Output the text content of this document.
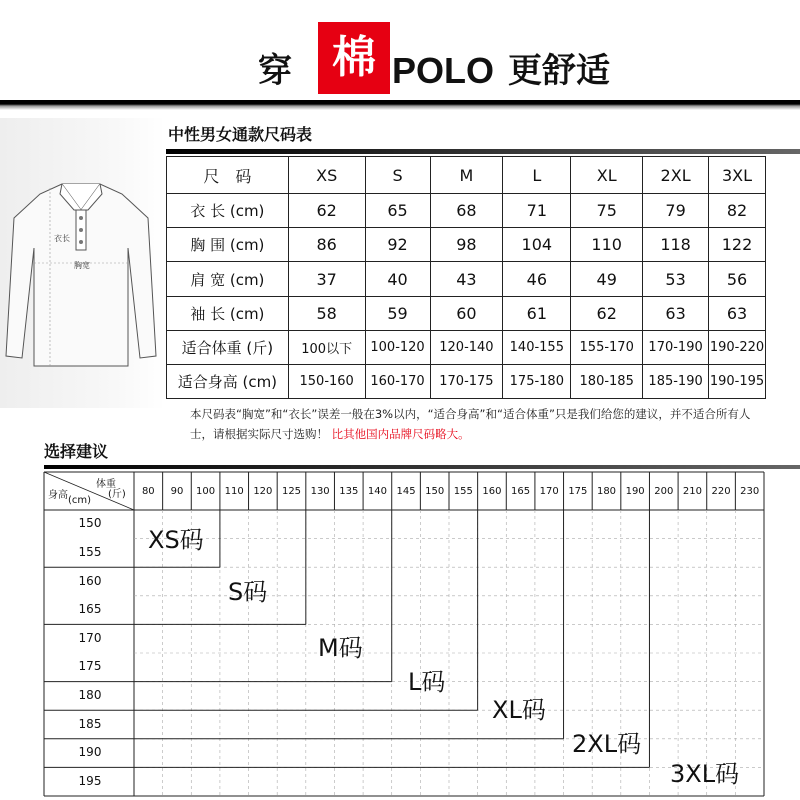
穿 棉 POLO 更舒适
衣长
胸宽
中性男女通款尺码表
尺　码	XS	S	M	L	XL	2XL	3XL
衣 长 (cm)	62	65	68	71	75	79	82
胸 围 (cm)	86	92	98	104	110	118	122
肩 宽 (cm)	37	40	43	46	49	53	56
袖 长 (cm)	58	59	60	61	62	63	63
适合体重 (斤)	100以下	100-120	120-140	140-155	155-170	170-190	190-220
适合身高 (cm)	150-160	160-170	170-175	175-180	180-185	185-190	190-195
本尺码表“胸宽”和“衣长”误差一般在3%以内，“适合身高”和“适合体重”只是我们给您的建议，并不适合所有人士，请根据实际尺寸选购！ 比其他国内品牌尺码略大。
选择建议
体重
(斤)
身高 (cm)
80	90	100 110 120 125 130 135 140 145 150 155 160 165 170 175 180 190 200 210 220 230
150
155
160
165
170
175
180
185
190
195
XS码
S码
M码
L码
XL码
2XL码
3XL码
